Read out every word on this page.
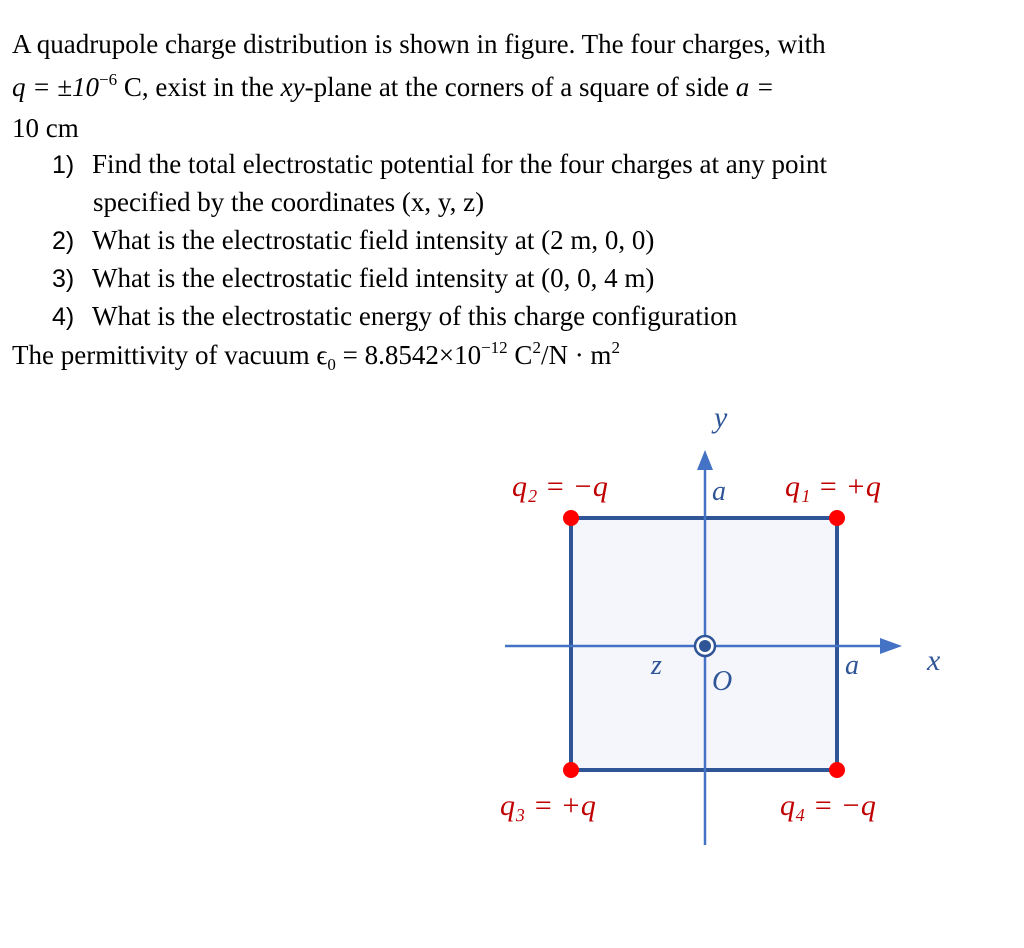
A quadrupole charge distribution is shown in figure. The four charges, with
$q = \pm 10^{-6}$ C, exist in the xy-plane at the corners of a square of side a =
10 cm
1) Find the total electrostatic potential for the four charges at any point
specified by the coordinates (x, y, z)
2) What is the electrostatic field intensity at (2 m, 0, 0)
3) What is the electrostatic field intensity at (0, 0, 4 m)
4) What is the electrostatic energy of this charge configuration
The permittivity of vacuum $\epsilon_0 = 8.8542\times 10^{-12}$ $C^2/N \cdot m^2$
y
x
z
O
a
a
q₂ = −q	q₁ = +q
q₃ = +q	q₄ = −q
